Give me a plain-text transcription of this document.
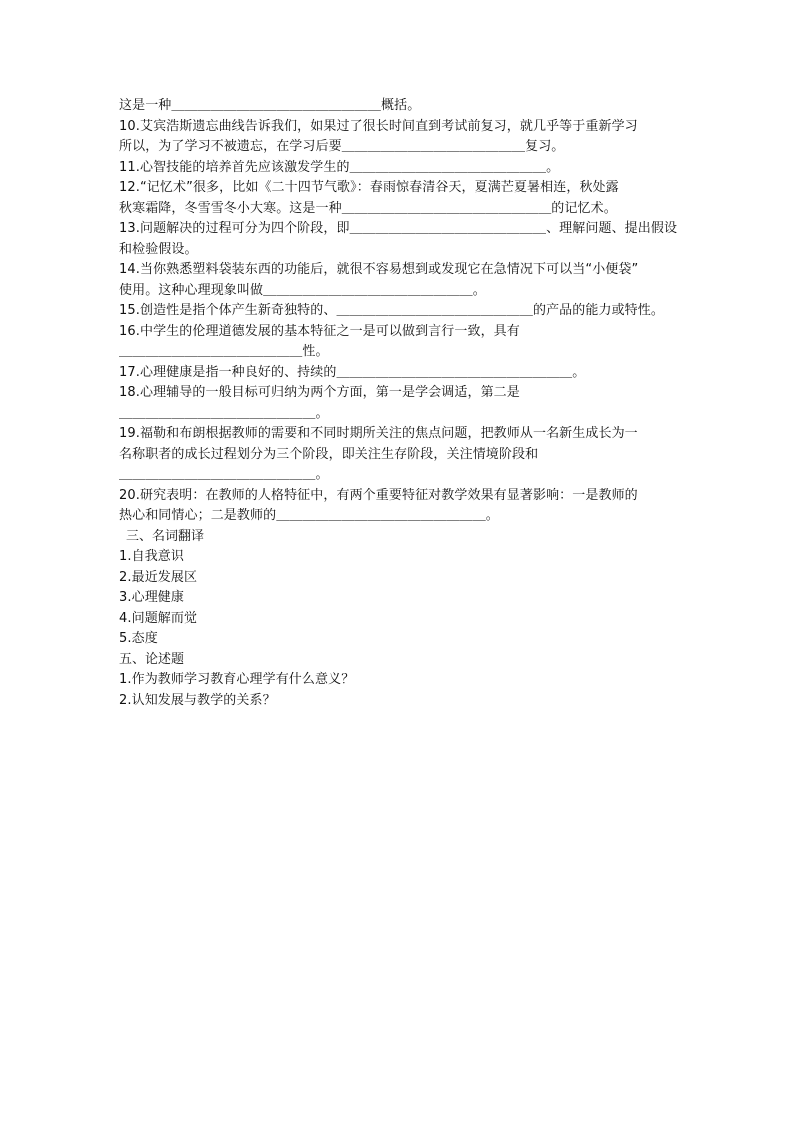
这是一种＿＿＿＿＿＿＿＿＿＿＿＿＿＿＿＿概括。
10.艾宾浩斯遗忘曲线告诉我们，如果过了很长时间直到考试前复习，就几乎等于重新学习
所以，为了学习不被遗忘，在学习后要＿＿＿＿＿＿＿＿＿＿＿＿＿＿复习。
11.心智技能的培养首先应该激发学生的＿＿＿＿＿＿＿＿＿＿＿＿＿＿＿。
12.“记忆术”很多，比如《二十四节气歌》：春雨惊春清谷天，夏满芒夏暑相连，秋处露
秋寒霜降，冬雪雪冬小大寒。这是一种＿＿＿＿＿＿＿＿＿＿＿＿＿＿＿＿的记忆术。
13.问题解决的过程可分为四个阶段，即＿＿＿＿＿＿＿＿＿＿＿＿＿＿＿、理解问题、提出假设
和检验假设。
14.当你熟悉塑料袋装东西的功能后，就很不容易想到或发现它在急情况下可以当“小便袋”
使用。这种心理现象叫做＿＿＿＿＿＿＿＿＿＿＿＿＿＿＿＿。
15.创造性是指个体产生新奇独特的、＿＿＿＿＿＿＿＿＿＿＿＿＿＿＿的产品的能力或特性。
16.中学生的伦理道德发展的基本特征之一是可以做到言行一致，具有
＿＿＿＿＿＿＿＿＿＿＿＿＿＿性。
17.心理健康是指一种良好的、持续的＿＿＿＿＿＿＿＿＿＿＿＿＿＿＿＿＿＿。
18.心理辅导的一般目标可归纳为两个方面，第一是学会调适，第二是
＿＿＿＿＿＿＿＿＿＿＿＿＿＿＿。
19.福勒和布朗根据教师的需要和不同时期所关注的焦点问题，把教师从一名新生成长为一
名称职者的成长过程划分为三个阶段，即关注生存阶段，关注情境阶段和
＿＿＿＿＿＿＿＿＿＿＿＿＿＿＿。
20.研究表明：在教师的人格特征中，有两个重要特征对教学效果有显著影响：一是教师的
热心和同情心；二是教师的＿＿＿＿＿＿＿＿＿＿＿＿＿＿＿＿。
三、名词翻译
1.自我意识
2.最近发展区
3.心理健康
4.问题解而觉
5.态度
五、论述题
1.作为教师学习教育心理学有什么意义？
2.认知发展与教学的关系？
